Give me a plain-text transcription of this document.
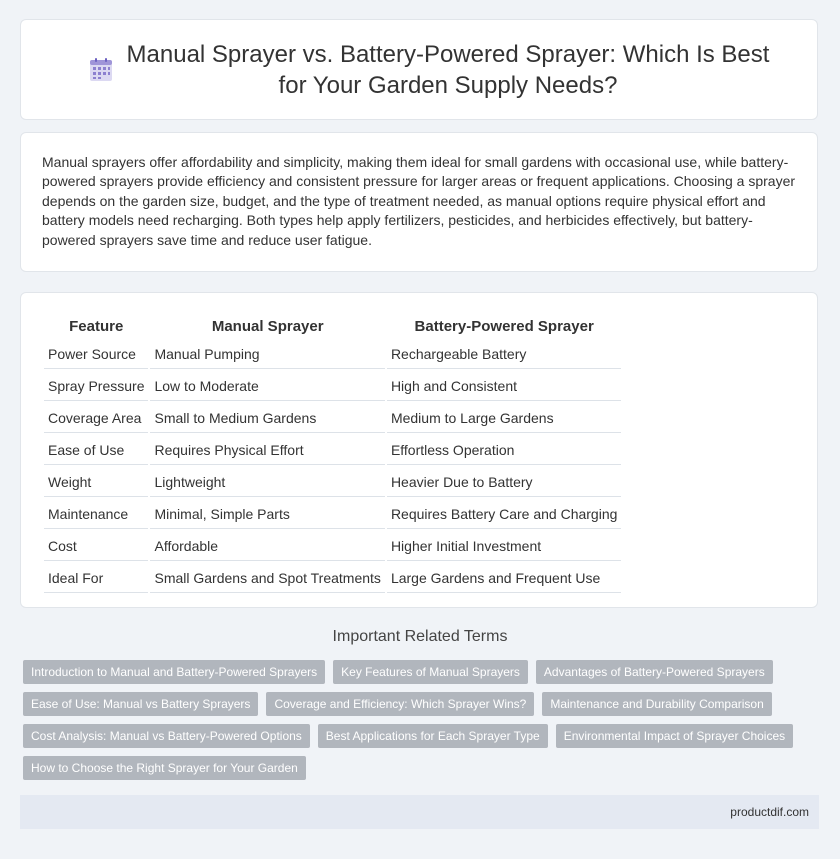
Manual Sprayer vs. Battery-Powered Sprayer: Which Is Best for Your Garden Supply Needs?

Manual sprayers offer affordability and simplicity, making them ideal for small gardens with occasional use, while battery-powered sprayers provide efficiency and consistent pressure for larger areas or frequent applications. Choosing a sprayer depends on the garden size, budget, and the type of treatment needed, as manual options require physical effort and battery models need recharging. Both types help apply fertilizers, pesticides, and herbicides effectively, but battery-powered sprayers save time and reduce user fatigue.

Feature	Manual Sprayer	Battery-Powered Sprayer
Power Source	Manual Pumping	Rechargeable Battery
Spray Pressure	Low to Moderate	High and Consistent
Coverage Area	Small to Medium Gardens	Medium to Large Gardens
Ease of Use	Requires Physical Effort	Effortless Operation
Weight	Lightweight	Heavier Due to Battery
Maintenance	Minimal, Simple Parts	Requires Battery Care and Charging
Cost	Affordable	Higher Initial Investment
Ideal For	Small Gardens and Spot Treatments	Large Gardens and Frequent Use
Important Related Terms
Introduction to Manual and Battery-Powered Sprayers	Key Features of Manual Sprayers	Advantages of Battery-Powered Sprayers
Ease of Use: Manual vs Battery Sprayers	Coverage and Efficiency: Which Sprayer Wins?	Maintenance and Durability Comparison
Cost Analysis: Manual vs Battery-Powered Options	Best Applications for Each Sprayer Type	Environmental Impact of Sprayer Choices
How to Choose the Right Sprayer for Your Garden
productdif.com
